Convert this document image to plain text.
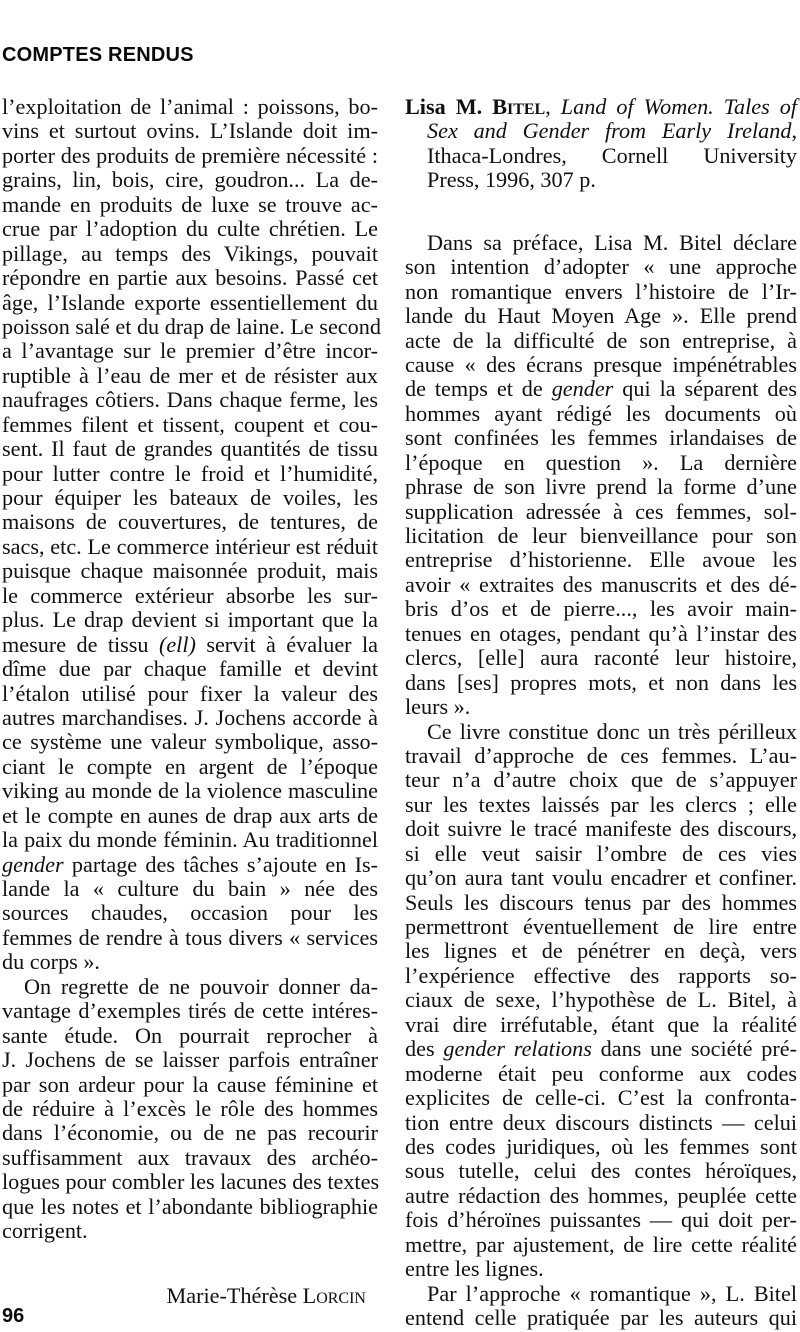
COMPTES RENDUS
l’exploitation de l’animal : poissons, bo-
vins et surtout ovins. L’Islande doit im-
porter des produits de première nécessité :
grains, lin, bois, cire, goudron... La de-
mande en produits de luxe se trouve ac-
crue par l’adoption du culte chrétien. Le
pillage, au temps des Vikings, pouvait
répondre en partie aux besoins. Passé cet
âge, l’Islande exporte essentiellement du
poisson salé et du drap de laine. Le second
a l’avantage sur le premier d’être incor-
ruptible à l’eau de mer et de résister aux
naufrages côtiers. Dans chaque ferme, les
femmes filent et tissent, coupent et cou-
sent. Il faut de grandes quantités de tissu
pour lutter contre le froid et l’humidité,
pour équiper les bateaux de voiles, les
maisons de couvertures, de tentures, de
sacs, etc. Le commerce intérieur est réduit
puisque chaque maisonnée produit, mais
le commerce extérieur absorbe les sur-
plus. Le drap devient si important que la
mesure de tissu (ell) servit à évaluer la
dîme due par chaque famille et devint
l’étalon utilisé pour fixer la valeur des
autres marchandises. J. Jochens accorde à
ce système une valeur symbolique, asso-
ciant le compte en argent de l’époque
viking au monde de la violence masculine
et le compte en aunes de drap aux arts de
la paix du monde féminin. Au traditionnel
gender partage des tâches s’ajoute en Is-
lande la « culture du bain » née des
sources chaudes, occasion pour les
femmes de rendre à tous divers « services
du corps ».
On regrette de ne pouvoir donner da-
vantage d’exemples tirés de cette intéres-
sante étude. On pourrait reprocher à
J. Jochens de se laisser parfois entraîner
par son ardeur pour la cause féminine et
de réduire à l’excès le rôle des hommes
dans l’économie, ou de ne pas recourir
suffisamment aux travaux des archéo-
logues pour combler les lacunes des textes
que les notes et l’abondante bibliographie
corrigent.
Marie-Thérèse Lorcin
Lisa M. Bitel, Land of Women. Tales of
Sex and Gender from Early Ireland,
Ithaca-Londres, Cornell University
Press, 1996, 307 p.
Dans sa préface, Lisa M. Bitel déclare
son intention d’adopter « une approche
non romantique envers l’histoire de l’Ir-
lande du Haut Moyen Age ». Elle prend
acte de la difficulté de son entreprise, à
cause « des écrans presque impénétrables
de temps et de gender qui la séparent des
hommes ayant rédigé les documents où
sont confinées les femmes irlandaises de
l’époque en question ». La dernière
phrase de son livre prend la forme d’une
supplication adressée à ces femmes, sol-
licitation de leur bienveillance pour son
entreprise d’historienne. Elle avoue les
avoir « extraites des manuscrits et des dé-
bris d’os et de pierre..., les avoir main-
tenues en otages, pendant qu’à l’instar des
clercs, [elle] aura raconté leur histoire,
dans [ses] propres mots, et non dans les
leurs ».
Ce livre constitue donc un très périlleux
travail d’approche de ces femmes. L’au-
teur n’a d’autre choix que de s’appuyer
sur les textes laissés par les clercs ; elle
doit suivre le tracé manifeste des discours,
si elle veut saisir l’ombre de ces vies
qu’on aura tant voulu encadrer et confiner.
Seuls les discours tenus par des hommes
permettront éventuellement de lire entre
les lignes et de pénétrer en deçà, vers
l’expérience effective des rapports so-
ciaux de sexe, l’hypothèse de L. Bitel, à
vrai dire irréfutable, étant que la réalité
des gender relations dans une société pré-
moderne était peu conforme aux codes
explicites de celle-ci. C’est la confronta-
tion entre deux discours distincts — celui
des codes juridiques, où les femmes sont
sous tutelle, celui des contes héroïques,
autre rédaction des hommes, peuplée cette
fois d’héroïnes puissantes — qui doit per-
mettre, par ajustement, de lire cette réalité
entre les lignes.
Par l’approche « romantique », L. Bitel
entend celle pratiquée par les auteurs qui
96
